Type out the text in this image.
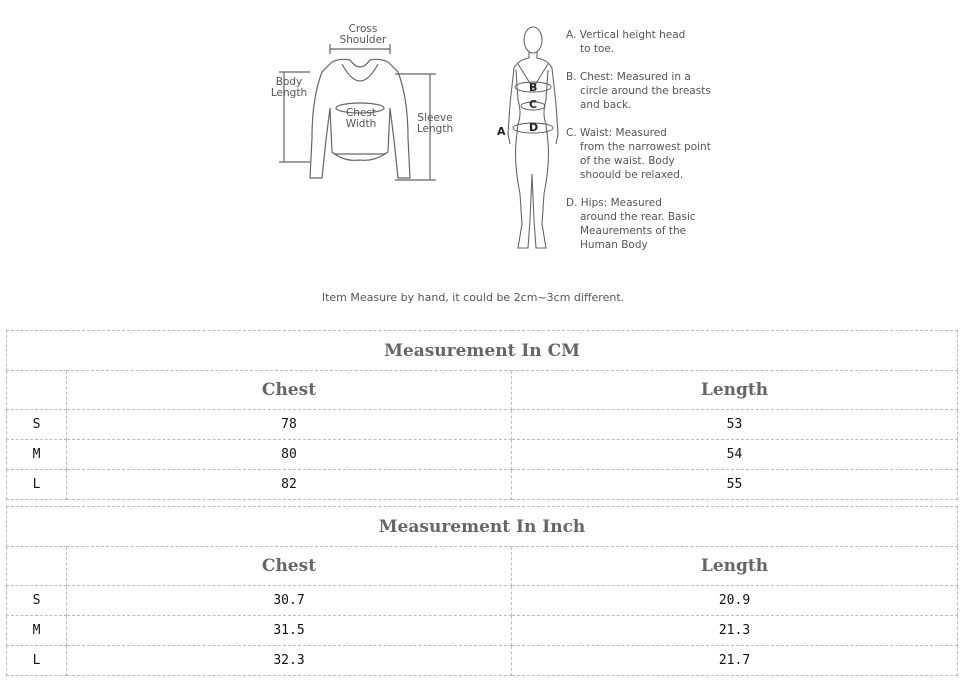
Cross
Shoulder
Body
Length
Chest
Width	Sleeve
Length	A
B
C
D
A. Vertical height head
to toe.
B. Chest: Measured in a
circle around the breasts and back.
C. Waist: Measured
from the narrowest point of the waist. Body shoould be relaxed.
D. Hips: Measured
around the rear. Basic Meaurements of the Human Body
Item Measure by hand, it could be 2cm~3cm different.
Measurement In CM		
	Chest	Length
S	78	53
M	80	54
L	82	55
Measurement In Inch		
	Chest	Length
S	30.7	20.9
M	31.5	21.3
L	32.3	21.7
